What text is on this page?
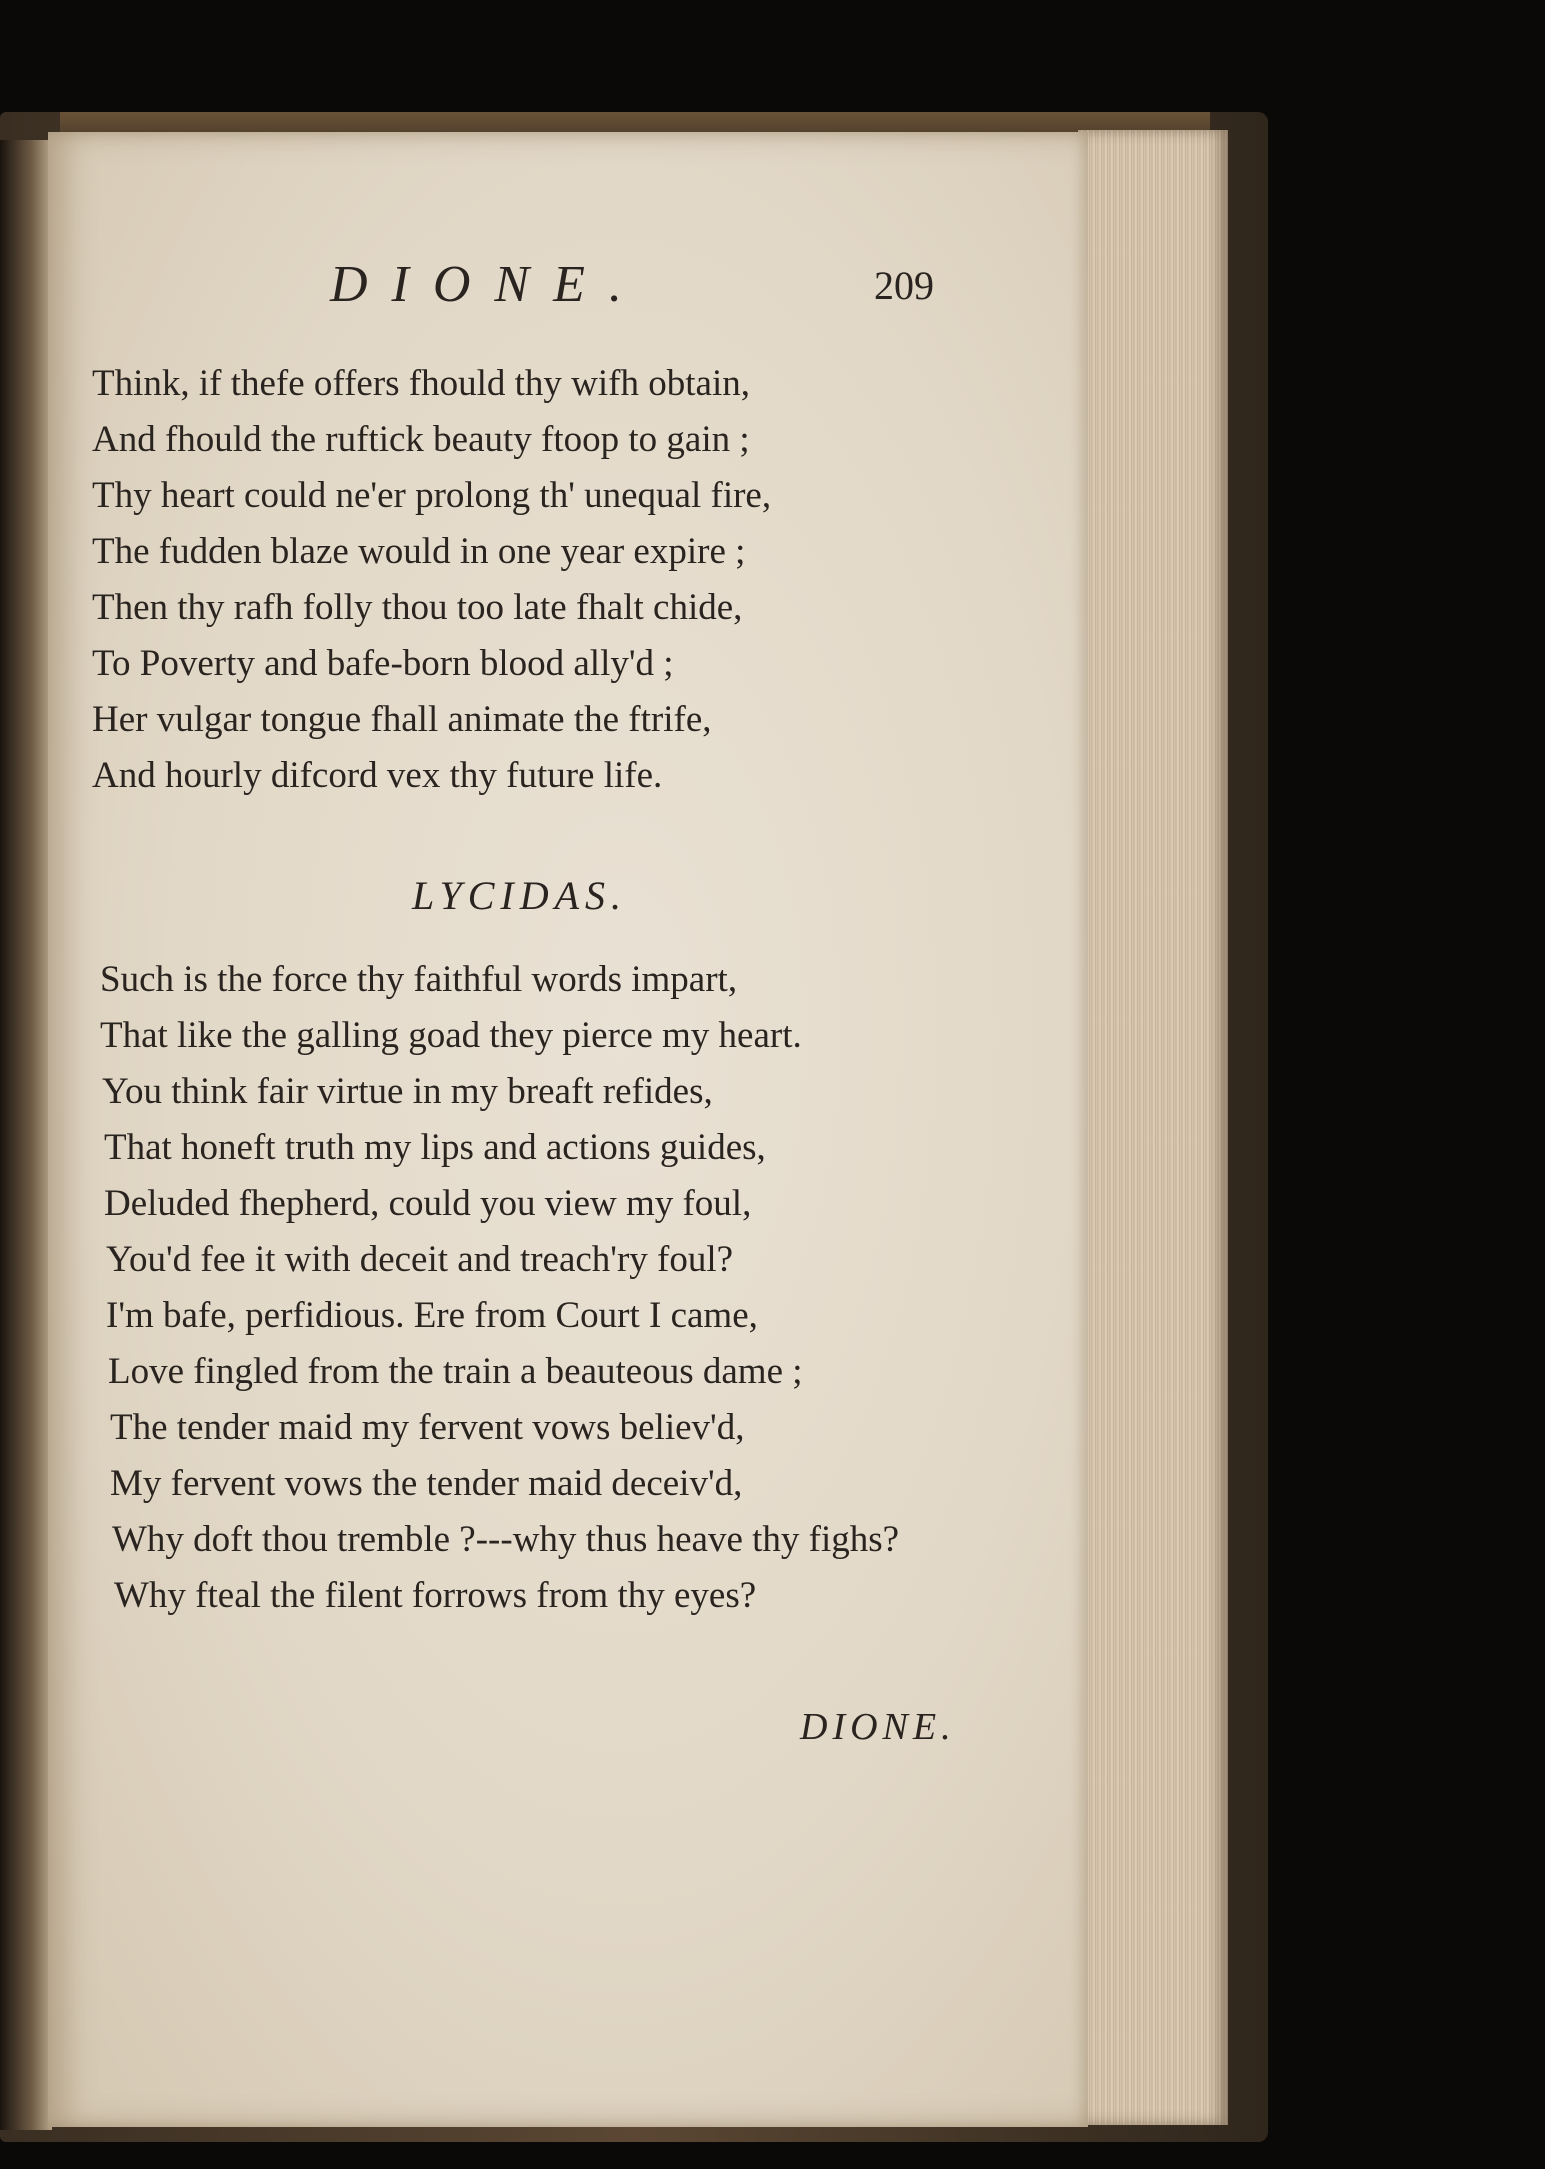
DIONE.	209
Think, if thefe offers fhould thy wifh obtain,
And fhould the ruftick beauty ftoop to gain ;
Thy heart could ne'er prolong th' unequal fire,
The fudden blaze would in one year expire ;
Then thy rafh folly thou too late fhalt chide,
To Poverty and bafe-born blood ally'd ;
Her vulgar tongue fhall animate the ftrife,
And hourly difcord vex thy future life.
LYCIDAS.
Such is the force thy faithful words impart,
That like the galling goad they pierce my heart.
You think fair virtue in my breaft refides,
That honeft truth my lips and actions guides,
Deluded fhepherd, could you view my foul,
You'd fee it with deceit and treach'ry foul?
I'm bafe, perfidious. Ere from Court I came,
Love fingled from the train a beauteous dame ;
The tender maid my fervent vows believ'd,
My fervent vows the tender maid deceiv'd,
Why doft thou tremble ?---why thus heave thy fighs?
Why fteal the filent forrows from thy eyes?
DIONE.
